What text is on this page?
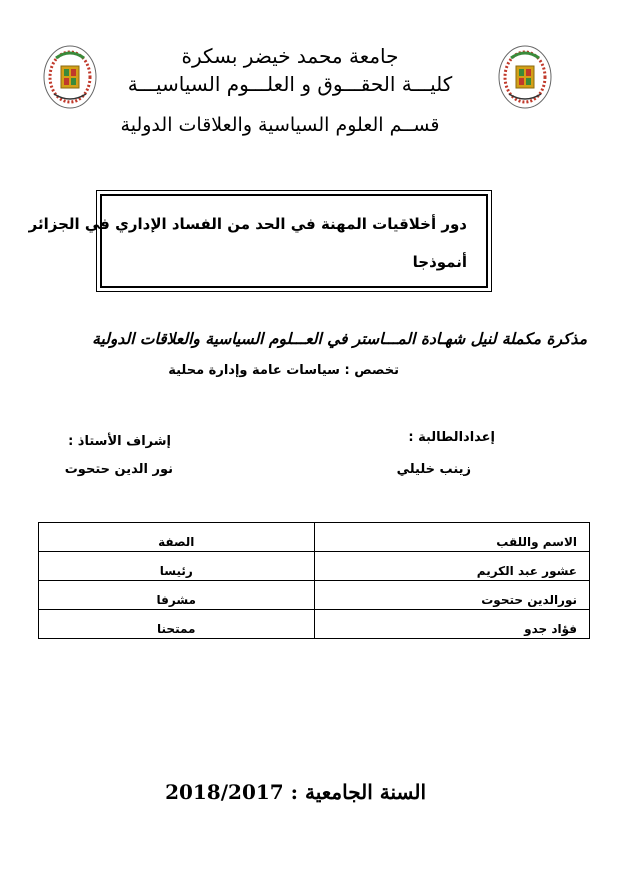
جامعة محمد خيضر بسكرة
كليـــة الحقـــوق و العلـــوم السياسيـــة
قســم العلوم السياسية والعلاقات الدولية
دور أخلاقيات المهنة في الحد من الفساد الإداري في الجزائر
أنموذجا
مذكرة مكملة لنيل شهـادة المـــاستر في العـــلوم السياسية والعلاقات الدولية
تخصص : سياسات عامة وإدارة محلية
إعدادالطالبة :
زينب خليلي
إشراف الأستاذ :
نور الدين حتحوت
الاسم واللقب	الصفة
عشور عبد الكريم	رئيسا
نورالدين حتحوت	مشرفا
فؤاد جدو	ممتحنا
السنة الجامعية : 2018/2017
